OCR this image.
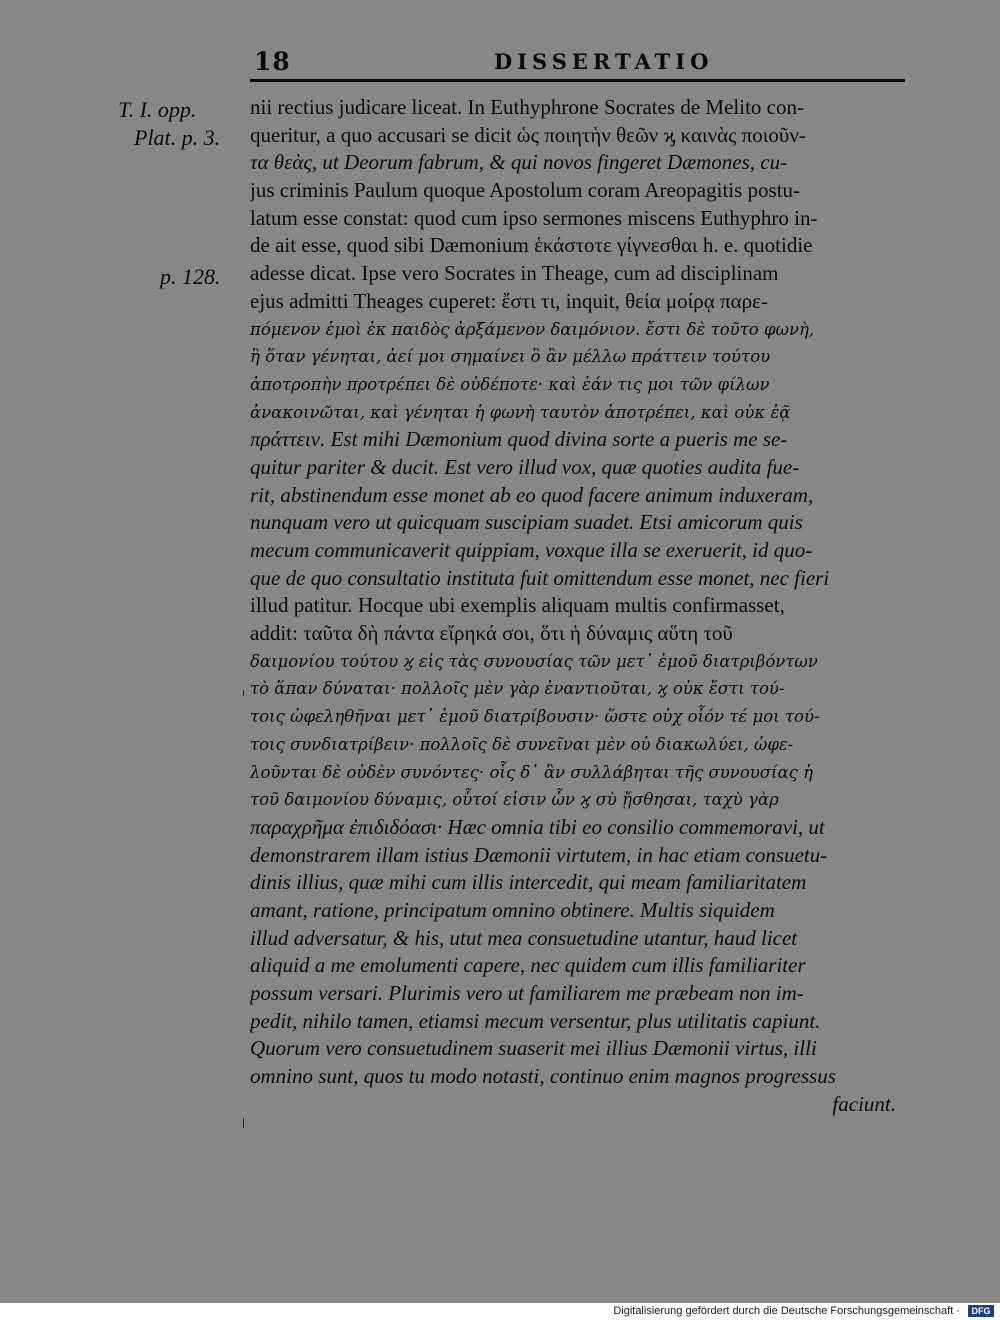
18	DISSERTATIO
T. I. opp.
Plat. p. 3.
p. 128.
nii rectius judicare liceat. In Euthyphrone Socrates de Melito con-
queritur, a quo accusari se dicit ὡς ποιητὴν θεῶν ϗ καινὰς ποιοῦν-
τα θεὰς, ut Deorum fabrum, & qui novos fingeret Dæmones, cu-
jus criminis Paulum quoque Apostolum coram Areopagitis postu-
latum esse constat: quod cum ipso sermones miscens Euthyphro in-
de ait esse, quod sibi Dæmonium ἑκάστοτε γίγνεσθαι h. e. quotidie
adesse dicat. Ipse vero Socrates in Theage, cum ad disciplinam
ejus admitti Theages cuperet: ἔστι τι, inquit, θεία μοίρᾳ παρε-
πόμενον ἐμοὶ ἐκ παιδὸς ἀρξάμενον δαιμόνιον. ἔστι δὲ τοῦτο φωνὴ,
ἣ ὅταν γένηται, ἀεί μοι σημαίνει ὃ ἂν μέλλω πράττειν τούτου
ἀποτροπὴν προτρέπει δὲ οὐδέποτε· καὶ ἐάν τις μοι τῶν φίλων
ἀνακοινῶται, καὶ γένηται ἡ φωνὴ ταυτὸν ἀποτρέπει, καὶ οὐκ ἐᾷ
πράττειν. Est mihi Dæmonium quod divina sorte a pueris me se-
quitur pariter & ducit. Est vero illud vox, quæ quoties audita fue-
rit, abstinendum esse monet ab eo quod facere animum induxeram,
nunquam vero ut quicquam suscipiam suadet. Etsi amicorum quis
mecum communicaverit quippiam, voxque illa se exeruerit, id quo-
que de quo consultatio instituta fuit omittendum esse monet, nec fieri
illud patitur. Hocque ubi exemplis aliquam multis confirmasset,
addit: ταῦτα δὴ πάντα εἴρηκά σοι, ὅτι ἡ δύναμις αὕτη τοῦ
δαιμονίου τούτου ϗ εἰς τὰς συνουσίας τῶν μετ᾽ ἐμοῦ διατριβόντων
τὸ ἅπαν δύναται· πολλοῖς μὲν γὰρ ἐναντιοῦται, ϗ οὐκ ἔστι τού-
τοις ὠφεληθῆναι μετ᾽ ἐμοῦ διατρίβουσιν· ὥστε οὐχ οἷόν τέ μοι τού-
τοις συνδιατρίβειν· πολλοῖς δὲ συνεῖναι μὲν οὐ διακωλύει, ὠφε-
λοῦνται δὲ οὐδὲν συνόντες· οἷς δ᾽ ἂν συλλάβηται τῆς συνουσίας ἡ
τοῦ δαιμονίου δύναμις, οὗτοί εἰσιν ὧν ϗ σὺ ᾔσθησαι, ταχὺ γὰρ
παραχρῆμα ἐπιδιδόασι· Hæc omnia tibi eo consilio commemoravi, ut
demonstrarem illam istius Dæmonii virtutem, in hac etiam consuetu-
dinis illius, quæ mihi cum illis intercedit, qui meam familiaritatem
amant, ratione, principatum omnino obtinere. Multis siquidem
illud adversatur, & his, utut mea consuetudine utantur, haud licet
aliquid a me emolumenti capere, nec quidem cum illis familiariter
possum versari. Plurimis vero ut familiarem me præbeam non im-
pedit, nihilo tamen, etiamsi mecum versentur, plus utilitatis capiunt.
Quorum vero consuetudinem suaserit mei illius Dæmonii virtus, illi
omnino sunt, quos tu modo notasti, continuo enim magnos progressus
faciunt.
Digitalisierung gefördert durch die Deutsche Forschungsgemeinschaft ·	DFG
